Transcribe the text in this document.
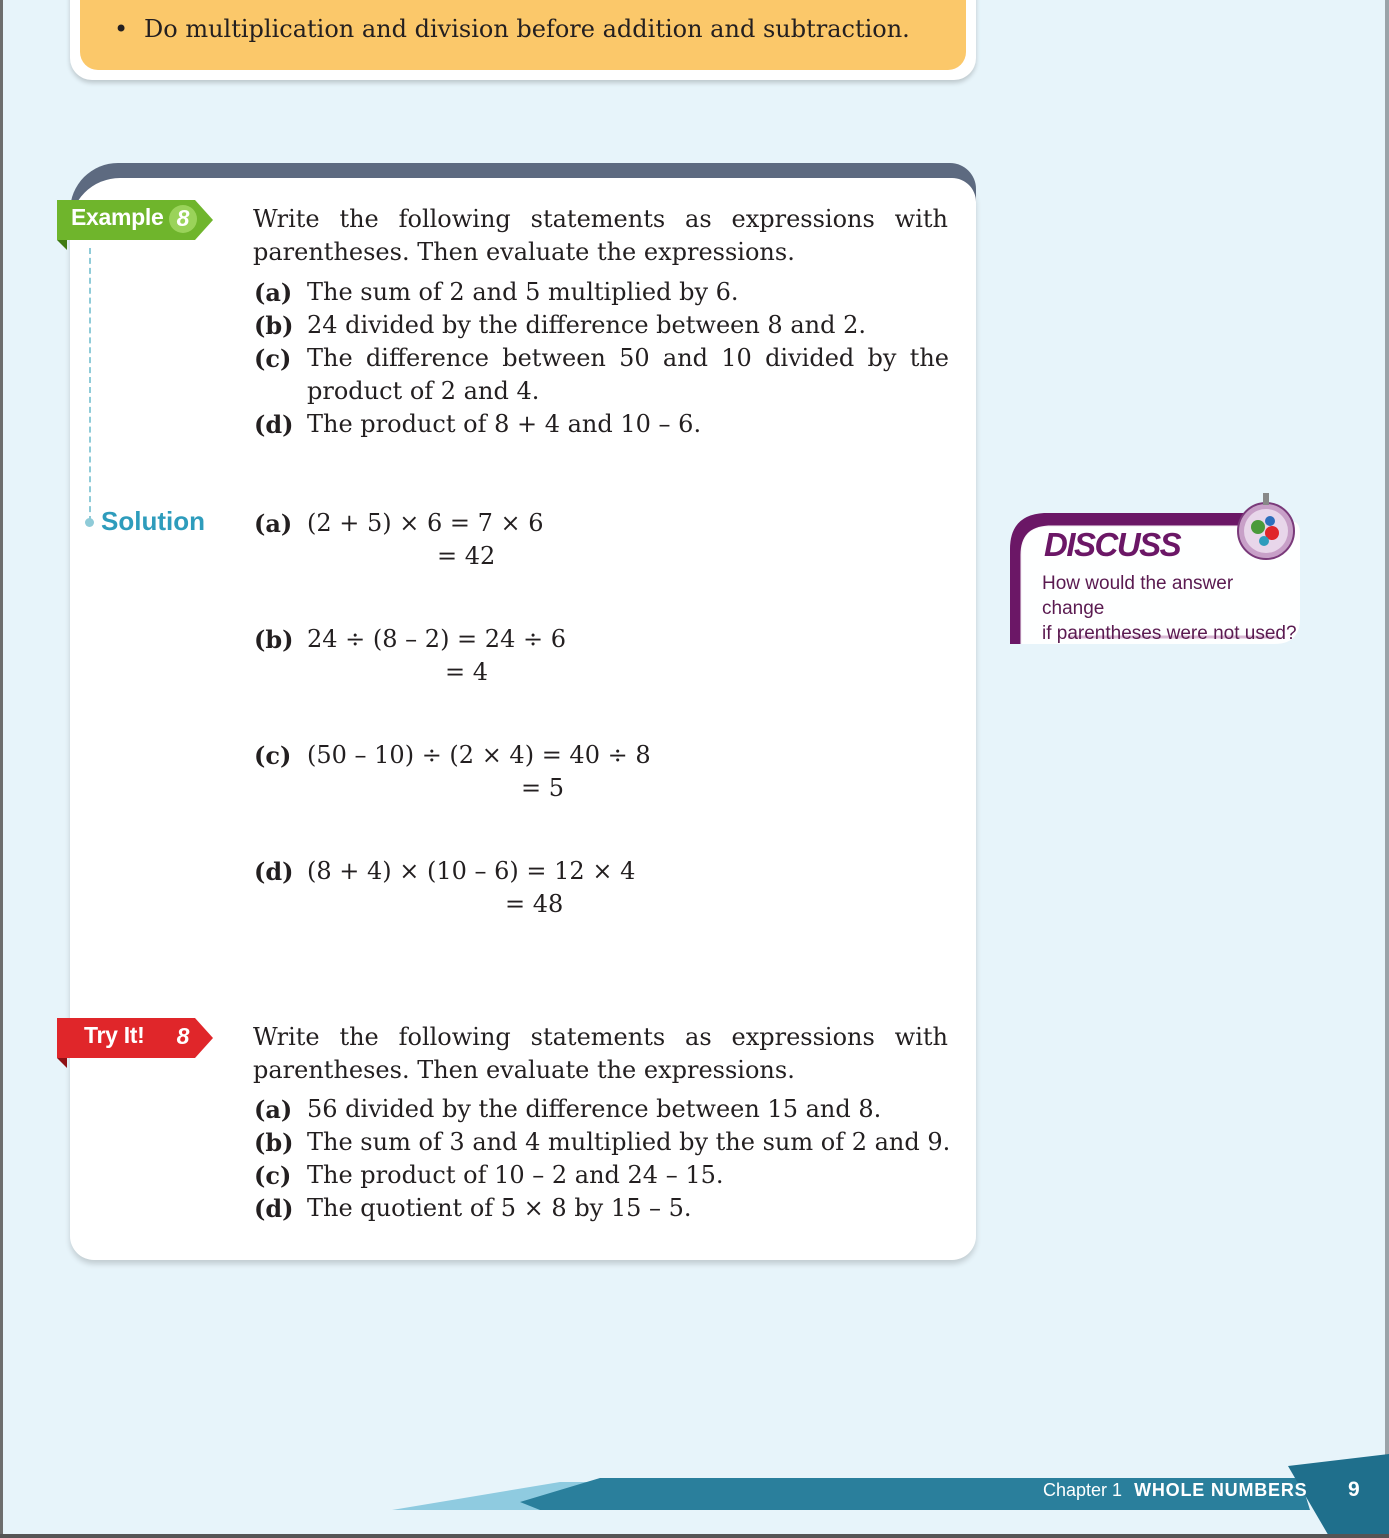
• Do multiplication and division before addition and subtraction.
Example 8	Write the following statements as expressions with
parentheses. Then evaluate the expressions.
(a) The sum of 2 and 5 multiplied by 6.
(b) 24 divided by the difference between 8 and 2.
(c) The difference between 50 and 10 divided by the
product of 2 and 4.
(d) The product of 8 + 4 and 10 – 6.
Solution (a) (2 + 5) × 6 = 7 × 6
= 42
(b) 24 ÷ (8 – 2) = 24 ÷ 6
= 4
(c) (50 – 10) ÷ (2 × 4) = 40 ÷ 8
= 5
(d) (8 + 4) × (10 – 6) = 12 × 4
= 48
Try It! 8	Write the following statements as expressions with
parentheses. Then evaluate the expressions.
(a) 56 divided by the difference between 15 and 8.
(b) The sum of 3 and 4 multiplied by the sum of 2 and 9.
(c) The product of 10 – 2 and 24 – 15.
(d) The quotient of 5 × 8 by 15 – 5.
DISCUSS
How would the answer change
if parentheses were not used?
Chapter 1 WHOLE NUMBERS 9
